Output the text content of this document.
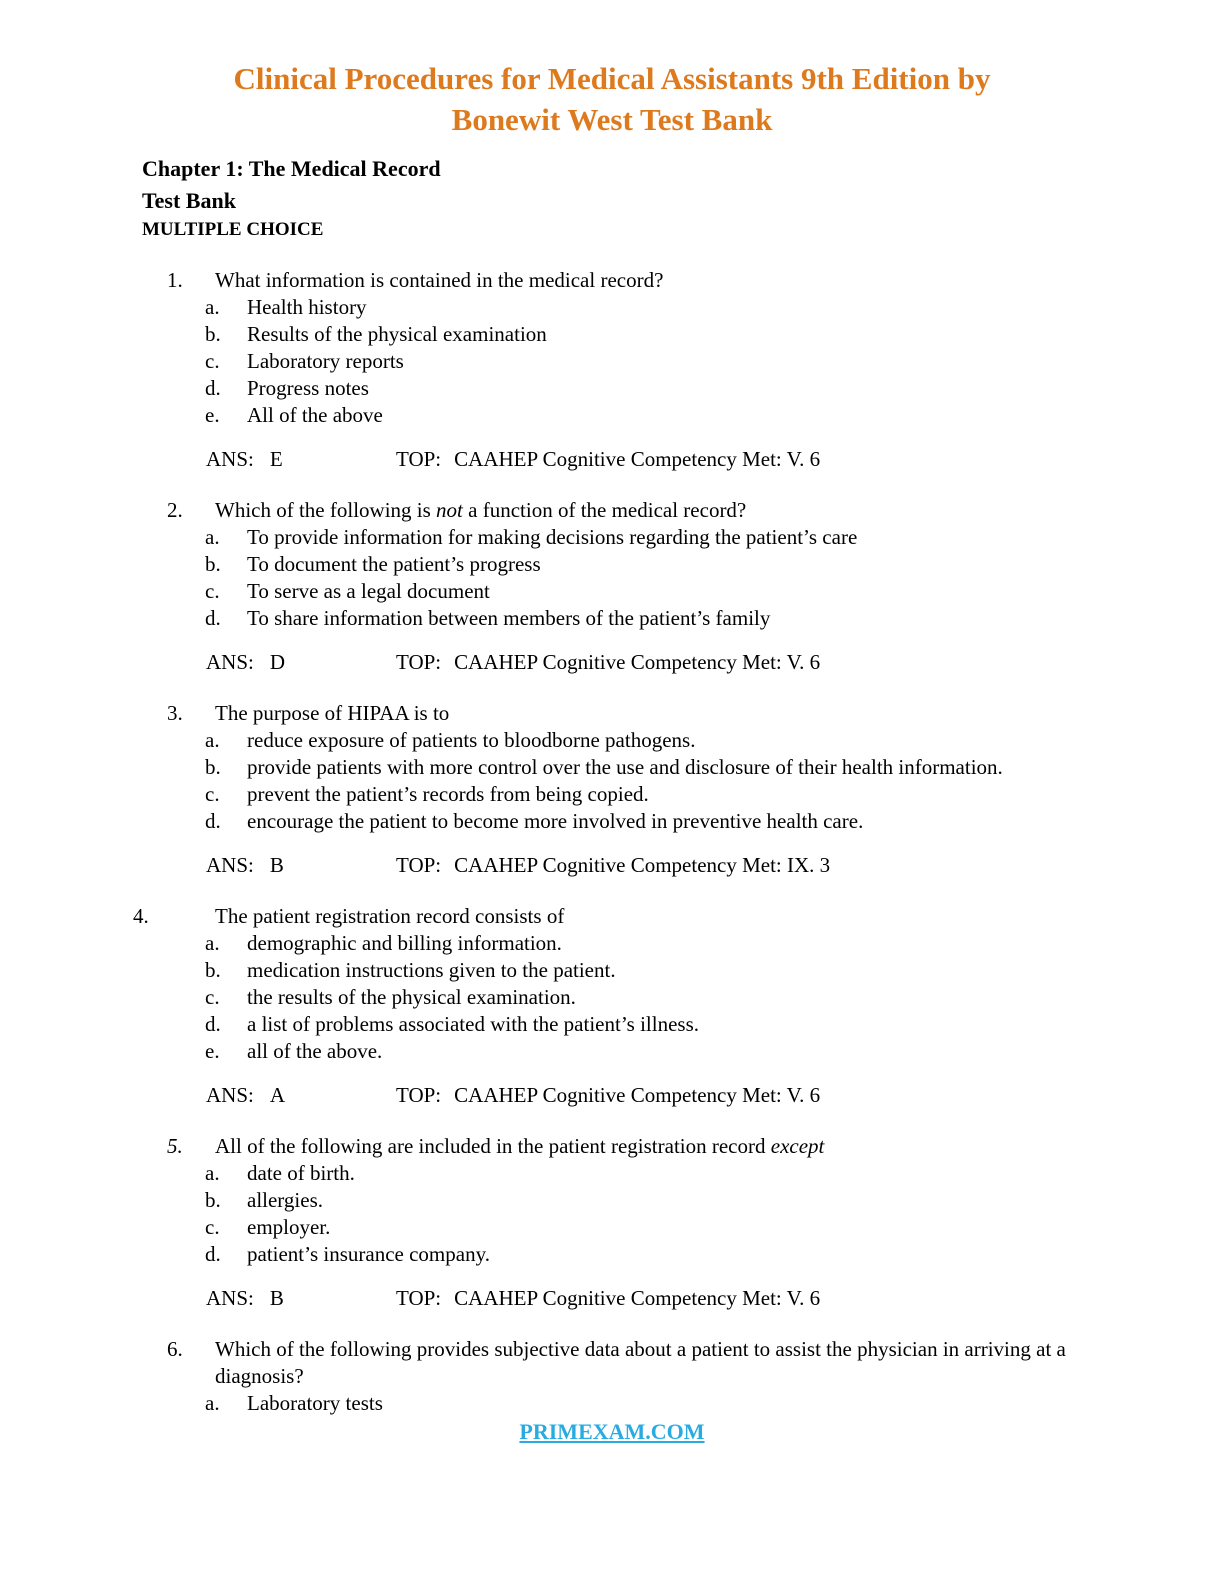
Clinical Procedures for Medical Assistants 9th Edition by
Bonewit West Test Bank
Chapter 1: The Medical Record
Test Bank
MULTIPLE CHOICE
1.	What information is contained in the medical record?
a.	Health history
b.	Results of the physical examination
c.	Laboratory reports
d.	Progress notes
e.	All of the above
ANS: E	TOP: CAAHEP Cognitive Competency Met: V. 6
2.	Which of the following is not a function of the medical record?
a.	To provide information for making decisions regarding the patient’s care
b.	To document the patient’s progress
c.	To serve as a legal document
d.	To share information between members of the patient’s family
ANS: D	TOP: CAAHEP Cognitive Competency Met: V. 6
3.	The purpose of HIPAA is to
a.	reduce exposure of patients to bloodborne pathogens.
b.	provide patients with more control over the use and disclosure of their health information.
c.	prevent the patient’s records from being copied.
d.	encourage the patient to become more involved in preventive health care.
ANS: B	TOP: CAAHEP Cognitive Competency Met: IX. 3
4.	The patient registration record consists of
a.	demographic and billing information.
b.	medication instructions given to the patient.
c.	the results of the physical examination.
d.	a list of problems associated with the patient’s illness.
e.	all of the above.
ANS: A	TOP: CAAHEP Cognitive Competency Met: V. 6
5.	All of the following are included in the patient registration record except
a.	date of birth.
b.	allergies.
c.	employer.
d.	patient’s insurance company.
ANS: B	TOP: CAAHEP Cognitive Competency Met: V. 6
6.	Which of the following provides subjective data about a patient to assist the physician in arriving at a diagnosis?
a.	Laboratory tests
PRIMEXAM.COM
